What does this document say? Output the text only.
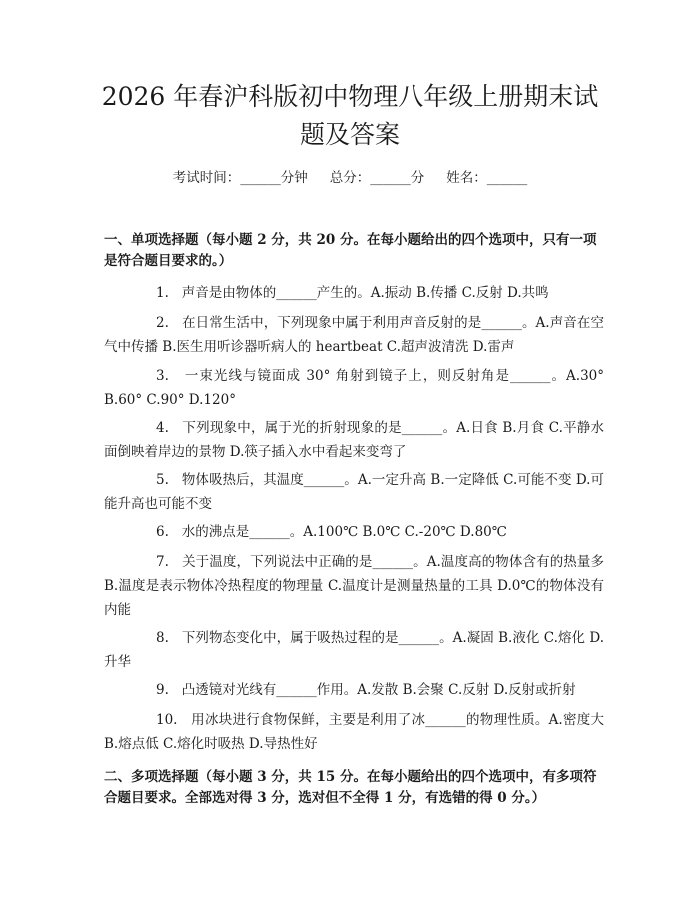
2026 年春沪科版初中物理八年级上册期末试
题及答案
考试时间：______分钟 总分：______分 姓名：______
一、单项选择题（每小题 2 分，共 20 分。在每小题给出的四个选项中，只有一项是符合题目要求的。）
1. 声音是由物体的______产生的。A.振动 B.传播 C.反射 D.共鸣
2. 在日常生活中，下列现象中属于利用声音反射的是______。A.声音在空气中传播 B.医生用听诊器听病人的 heartbeat C.超声波清洗 D.雷声
3. 一束光线与镜面成 30° 角射到镜子上，则反射角是______。A.30° B.60° C.90° D.120°
4. 下列现象中，属于光的折射现象的是______。A.日食 B.月食 C.平静水面倒映着岸边的景物 D.筷子插入水中看起来变弯了
5. 物体吸热后，其温度______。A.一定升高 B.一定降低 C.可能不变 D.可能升高也可能不变
6. 水的沸点是______。A.100℃ B.0℃ C.-20℃ D.80℃
7. 关于温度，下列说法中正确的是______。A.温度高的物体含有的热量多 B.温度是表示物体冷热程度的物理量 C.温度计是测量热量的工具 D.0℃的物体没有内能
8. 下列物态变化中，属于吸热过程的是______。A.凝固 B.液化 C.熔化 D.升华
9. 凸透镜对光线有______作用。A.发散 B.会聚 C.反射 D.反射或折射
10. 用冰块进行食物保鲜，主要是利用了冰______的物理性质。A.密度大 B.熔点低 C.熔化时吸热 D.导热性好
二、多项选择题（每小题 3 分，共 15 分。在每小题给出的四个选项中，有多项符合题目要求。全部选对得 3 分，选对但不全得 1 分，有选错的得 0 分。）
